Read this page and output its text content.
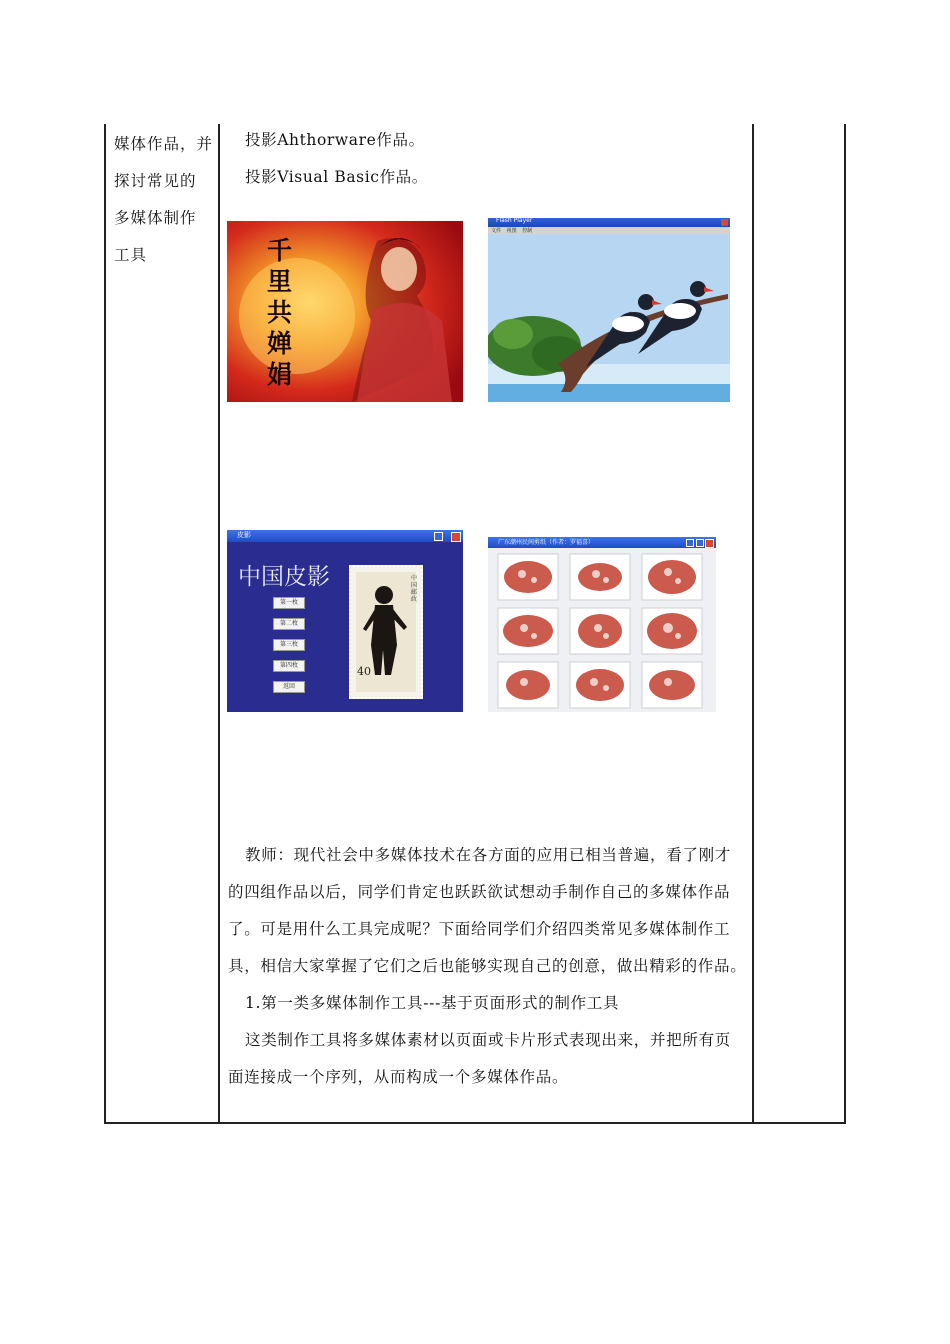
媒体作品，并
探讨常见的
多媒体制作
工具
投影Ahthorware作品。
投影Visual Basic作品。
千里共婵娟
Flash Player
文件 视图 控制
皮影
中国皮影
第一枚
第二枚
第三枚
第四枚
返回
中国邮政
40
广东潮州民间剪纸（作者：罗福喜）
教师：现代社会中多媒体技术在各方面的应用已相当普遍，看了刚才
的四组作品以后，同学们肯定也跃跃欲试想动手制作自己的多媒体作品
了。可是用什么工具完成呢？下面给同学们介绍四类常见多媒体制作工
具，相信大家掌握了它们之后也能够实现自己的创意，做出精彩的作品。
1.第一类多媒体制作工具---基于页面形式的制作工具
这类制作工具将多媒体素材以页面或卡片形式表现出来，并把所有页
面连接成一个序列，从而构成一个多媒体作品。
